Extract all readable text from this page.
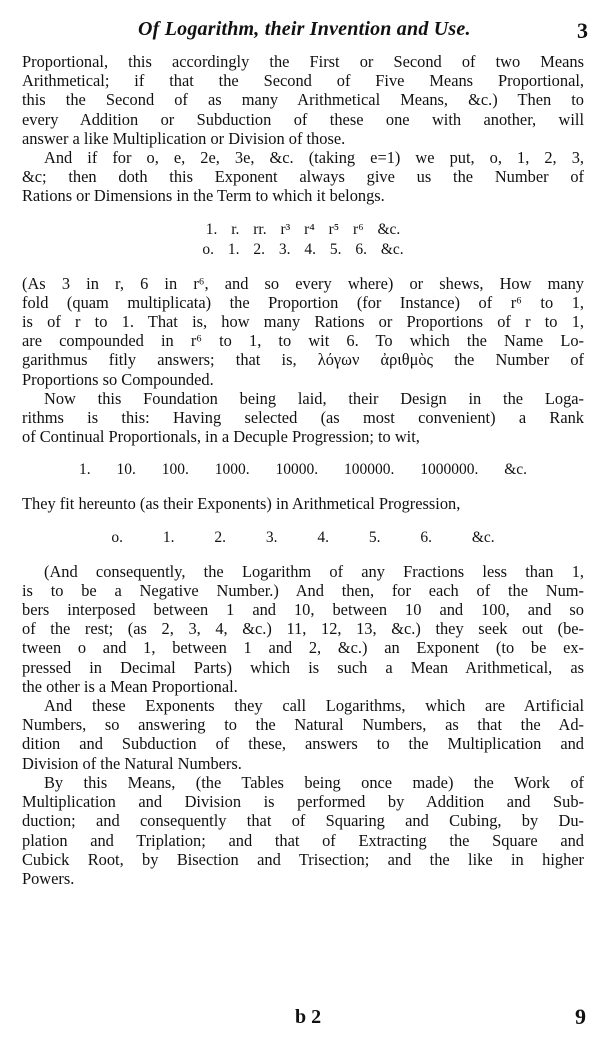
Of Logarithm, their Invention and Use.	3
Proportional, this accordingly the First or Second of two Means
Arithmetical; if that the Second of Five Means Proportional,
this the Second of as many Arithmetical Means, &c.) Then to
every Addition or Subduction of these one with another, will
answer a like Multiplication or Division of those.
And if for o, e, 2e, 3e, &c. (taking e=1) we put, o, 1, 2, 3,
&c; then doth this Exponent always give us the Number of
Rations or Dimensions in the Term to which it belongs.
1. r. rr. r³ r⁴ r⁵ r⁶ &c.
o. 1. 2. 3. 4. 5. 6. &c.
(As 3 in r, 6 in r⁶, and so every where) or shews, How many
fold (quam multiplicata) the Proportion (for Instance) of r⁶ to 1,
is of r to 1. That is, how many Rations or Proportions of r to 1,
are compounded in r⁶ to 1, to wit 6. To which the Name Lo-
garithmus fitly answers; that is, λόγων ἀριθμὸς the Number of
Proportions so Compounded.
Now this Foundation being laid, their Design in the Loga-
rithms is this: Having selected (as most convenient) a Rank
of Continual Proportionals, in a Decuple Progression; to wit,
1. 10. 100. 1000. 10000. 100000. 1000000. &c.
They fit hereunto (as their Exponents) in Arithmetical Progression,
o. 1. 2. 3. 4. 5. 6. &c.
(And consequently, the Logarithm of any Fractions less than 1,
is to be a Negative Number.) And then, for each of the Num-
bers interposed between 1 and 10, between 10 and 100, and so
of the rest; (as 2, 3, 4, &c.) 11, 12, 13, &c.) they seek out (be-
tween o and 1, between 1 and 2, &c.) an Exponent (to be ex-
pressed in Decimal Parts) which is such a Mean Arithmetical, as
the other is a Mean Proportional.
And these Exponents they call Logarithms, which are Artificial
Numbers, so answering to the Natural Numbers, as that the Ad-
dition and Subduction of these, answers to the Multiplication and
Division of the Natural Numbers.
By this Means, (the Tables being once made) the Work of
Multiplication and Division is performed by Addition and Sub-
duction; and consequently that of Squaring and Cubing, by Du-
plation and Triplation; and that of Extracting the Square and
Cubick Root, by Bisection and Trisection; and the like in higher
Powers.
b 2	9
